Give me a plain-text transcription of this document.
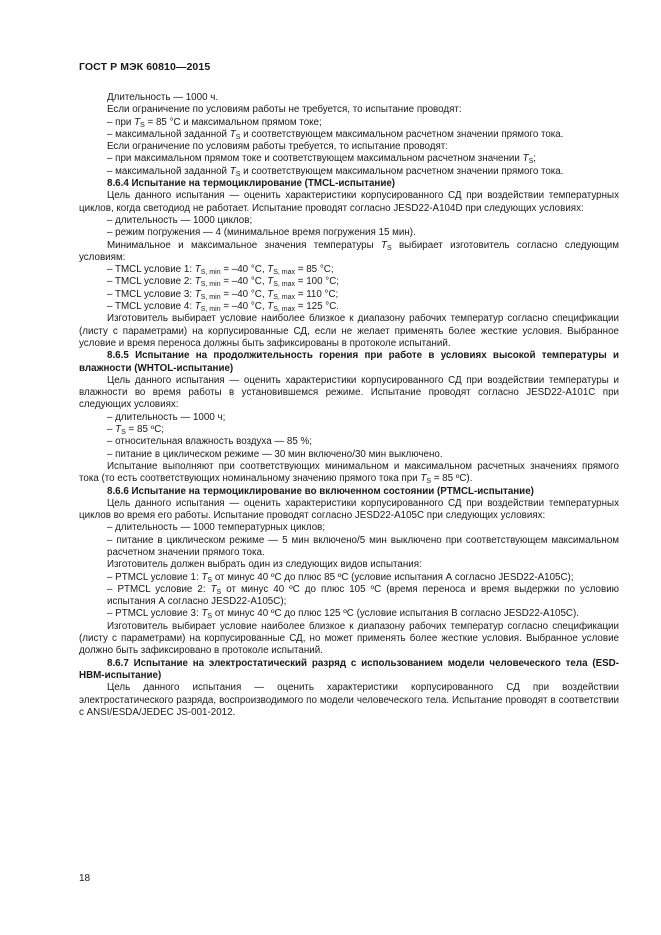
ГОСТ Р МЭК 60810—2015

Длительность — 1000 ч.

Если ограничение по условиям работы не требуется, то испытание проводят:

– при $T_S = 85$ °С и максимальном прямом токе;

– максимальной заданной $T_S$ и соответствующем максимальном расчетном значении прямого тока.

Если ограничение по условиям работы требуется, то испытание проводят:

– при максимальном прямом токе и соответствующем максимальном расчетном значении $T_S$;

– максимальной заданной $T_S$ и соответствующем максимальном расчетном значении прямого тока.

8.6.4 Испытание на термоциклирование (TMCL-испытание)

Цель данного испытания — оценить характеристики корпусированного СД при воздействии температурных циклов, когда светодиод не работает. Испытание проводят согласно JESD22-A104D при следующих условиях:

– длительность — 1000 циклов;

– режим погружения — 4 (минимальное время погружения 15 мин).

Минимальное и максимальное значения температуры $T_S$ выбирает изготовитель согласно следующим условиям:

– TMCL условие 1: $T_{S, min} = -40$ °С, $T_{S, max} = 85$ °С;

– TMCL условие 2: $T_{S, min} = -40$ °С, $T_{S, max} = 100$ °С;

– TMCL условие 3: $T_{S, min} = -40$ °С, $T_{S, max} = 110$ °С;

– TMCL условие 4: $T_{S, min} = -40$ °С, $T_{S, max} = 125$ °С.

Изготовитель выбирает условие наиболее близкое к диапазону рабочих температур согласно спецификации (листу с параметрами) на корпусированные СД, если не желает применять более жесткие условия. Выбранное условие и время переноса должны быть зафиксированы в протоколе испытаний.

8.6.5 Испытание на продолжительность горения при работе в условиях высокой температуры и влажности (WHTOL-испытание)

Цель данного испытания — оценить характеристики корпусированного СД при воздействии температуры и влажности во время работы в установившемся режиме. Испытание проводят согласно JESD22-A101C при следующих условиях:

– длительность — 1000 ч;

– $T_S = 85$ ºС;

– относительная влажность воздуха — 85 %;

– питание в циклическом режиме — 30 мин включено/30 мин выключено.

Испытание выполняют при соответствующих минимальном и максимальном расчетных значениях прямого тока (то есть соответствующих номинальному значению прямого тока при $T_S = 85$ ºС).

8.6.6 Испытание на термоциклирование во включенном состоянии (PTMCL-испытание)

Цель данного испытания — оценить характеристики корпусированного СД при воздействии температурных циклов во время его работы. Испытание проводят согласно JESD22-A105C при следующих условиях:

– длительность — 1000 температурных циклов;

– питание в циклическом режиме — 5 мин включено/5 мин выключено при соответствующем максимальном расчетном значении прямого тока.

Изготовитель должен выбрать один из следующих видов испытания:

– PTMCL условие 1: $T_S$ от минус 40 ºС до плюс 85 ºС (условие испытания А согласно JESD22-A105C);

– PTMCL условие 2: $T_S$ от минус 40 ºС до плюс 105 ºС (время переноса и время выдержки по условию испытания А согласно JESD22-A105C);

– PTMCL условие 3: $T_S$ от минус 40 ºС до плюс 125 ºС (условие испытания В согласно JESD22-A105C).

Изготовитель выбирает условие наиболее близкое к диапазону рабочих температур согласно спецификации (листу с параметрами) на корпусированные СД, но может применять более жесткие условия. Выбранное условие должно быть зафиксировано в протоколе испытаний.

8.6.7 Испытание на электростатический разряд с использованием модели человеческого тела (ESD-HBM-испытание)

Цель данного испытания — оценить характеристики корпусированного СД при воздействии электростатического разряда, воспроизводимого по модели человеческого тела. Испытание проводят в соответствии с ANSI/ESDA/JEDEC JS-001-2012.

18
